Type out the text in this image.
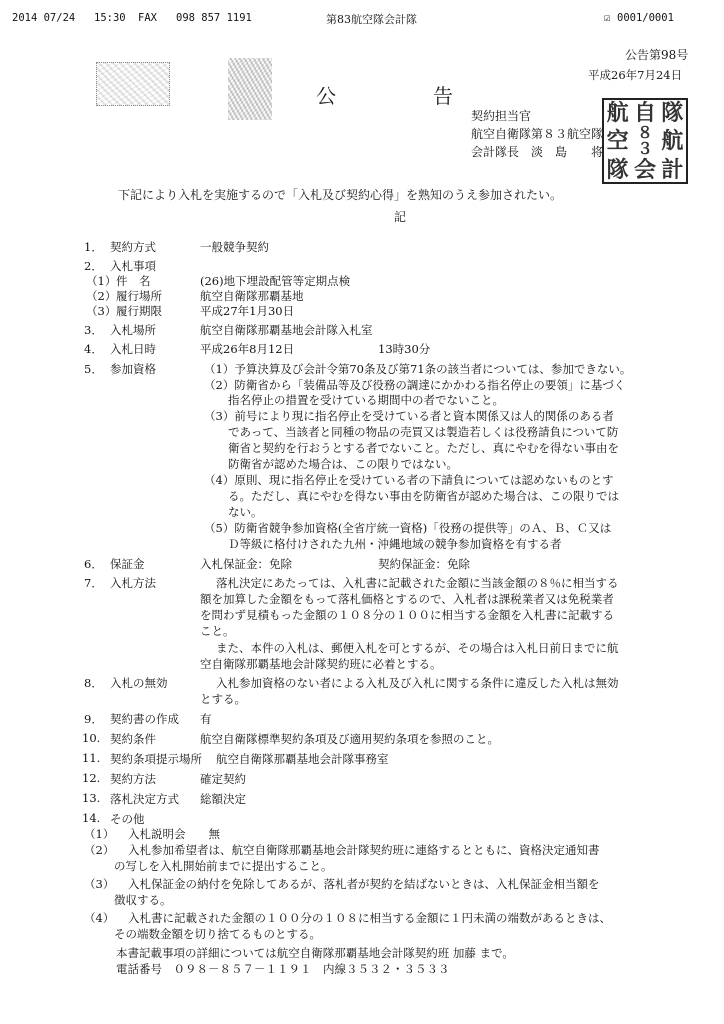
2014 07/24 15:30 FAX 098 857 1191	第83航空隊会計隊	☑ 0001/0001
公告第98号
平成26年7月24日
公	告
契約担当官
航空自衛隊第８３航空隊
会計隊長　淡　島　　将
航 自 隊
空 ８３ 航
隊 会 計
下記により入札を実施するので「入札及び契約心得」を熟知のうえ参加されたい。
記
1． 契約方式	一般競争契約
2． 入札事項
（1） 件　名	(26)地下埋設配管等定期点検
（2） 履行場所	航空自衛隊那覇基地
（3） 履行期限	平成27年1月30日
3． 入札場所	航空自衛隊那覇基地会計隊入札室
4． 入札日時	平成26年8月12日	13時30分
5． 参加資格	（1）予算決算及び会計令第70条及び第71条の該当者については、参加できない。
（2）防衛省から「装備品等及び役務の調達にかかわる指名停止の要領」に基づく
指名停止の措置を受けている期間中の者でないこと。
（3）前号により現に指名停止を受けている者と資本関係又は人的関係のある者
であって、当該者と同種の物品の売買又は製造若しくは役務請負について防
衛省と契約を行おうとする者でないこと。ただし、真にやむを得ない事由を
防衛省が認めた場合は、この限りではない。
（4）原則、現に指名停止を受けている者の下請負については認めないものとす
る。ただし、真にやむを得ない事由を防衛省が認めた場合は、この限りでは
ない。
（5）防衛省競争参加資格(全省庁統一資格)「役務の提供等」のＡ、Ｂ、Ｃ又は
Ｄ等級に格付けされた九州・沖縄地域の競争参加資格を有する者
6． 保証金	入札保証金：免除	契約保証金：免除
7． 入札方法	落札決定にあたっては、入札書に記載された金額に当該金額の８％に相当する
額を加算した金額をもって落札価格とするので、入札者は課税業者又は免税業者
を問わず見積もった金額の１０８分の１００に相当する金額を入札書に記載する
こと。
また、本件の入札は、郵便入札を可とするが、その場合は入札日前日までに航
空自衛隊那覇基地会計隊契約班に必着とする。
8． 入札の無効	入札参加資格のない者による入札及び入札に関する条件に違反した入札は無効
とする。
9． 契約書の作成 有
10. 契約条件	航空自衛隊標準契約条項及び適用契約条項を参照のこと。
11. 契約条項提示場所 航空自衛隊那覇基地会計隊事務室
12. 契約方法	確定契約
13. 落札決定方式 総額決定
14. その他
（1） 入札説明会　　無
（2） 入札参加希望者は、航空自衛隊那覇基地会計隊契約班に連絡するとともに、資格決定通知書
の写しを入札開始前までに提出すること。
（3） 入札保証金の納付を免除してあるが、落札者が契約を結ばないときは、入札保証金相当額を
徴収する。
（4） 入札書に記載された金額の１００分の１０８に相当する金額に１円未満の端数があるときは、
その端数金額を切り捨てるものとする。
本書記載事項の詳細については航空自衛隊那覇基地会計隊契約班 加藤 まで。
電話番号　０９８－８５７－１１９１　内線３５３２・３５３３
